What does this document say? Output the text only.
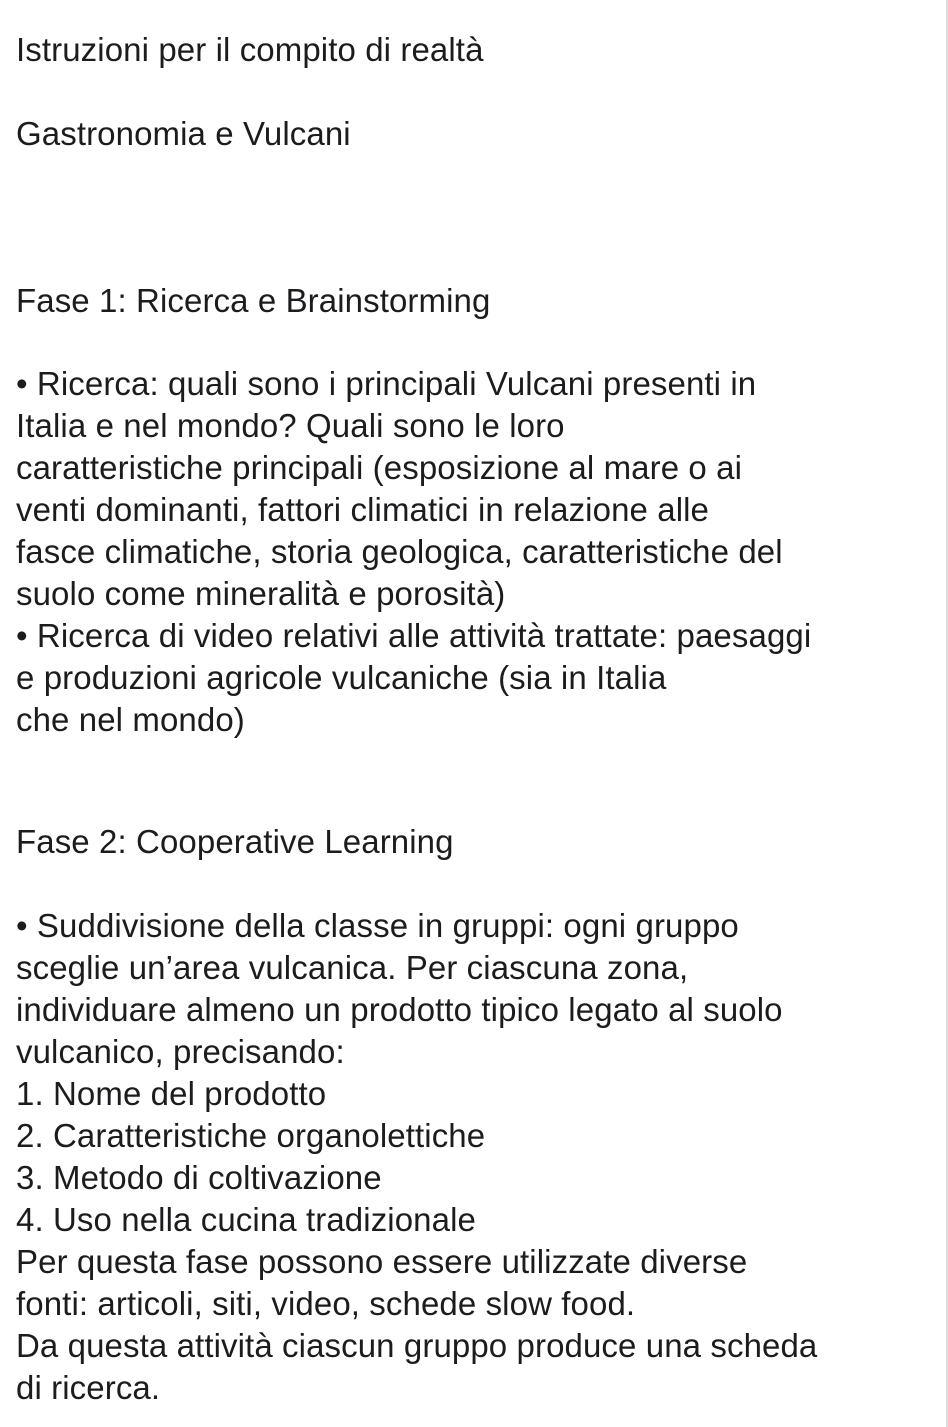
Istruzioni per il compito di realtà
Gastronomia e Vulcani
Fase 1: Ricerca e Brainstorming

• Ricerca: quali sono i principali Vulcani presenti in

Italia e nel mondo? Quali sono le loro

caratteristiche principali (esposizione al mare o ai

venti dominanti, fattori climatici in relazione alle

fasce climatiche, storia geologica, caratteristiche del

suolo come mineralità e porosità)

• Ricerca di video relativi alle attività trattate: paesaggi

e produzioni agricole vulcaniche (sia in Italia

che nel mondo)

Fase 2: Cooperative Learning

• Suddivisione della classe in gruppi: ogni gruppo

sceglie un’area vulcanica. Per ciascuna zona,

individuare almeno un prodotto tipico legato al suolo

vulcanico, precisando:

1. Nome del prodotto

2. Caratteristiche organolettiche

3. Metodo di coltivazione

4. Uso nella cucina tradizionale

Per questa fase possono essere utilizzate diverse

fonti: articoli, siti, video, schede slow food.

Da questa attività ciascun gruppo produce una scheda

di ricerca.
